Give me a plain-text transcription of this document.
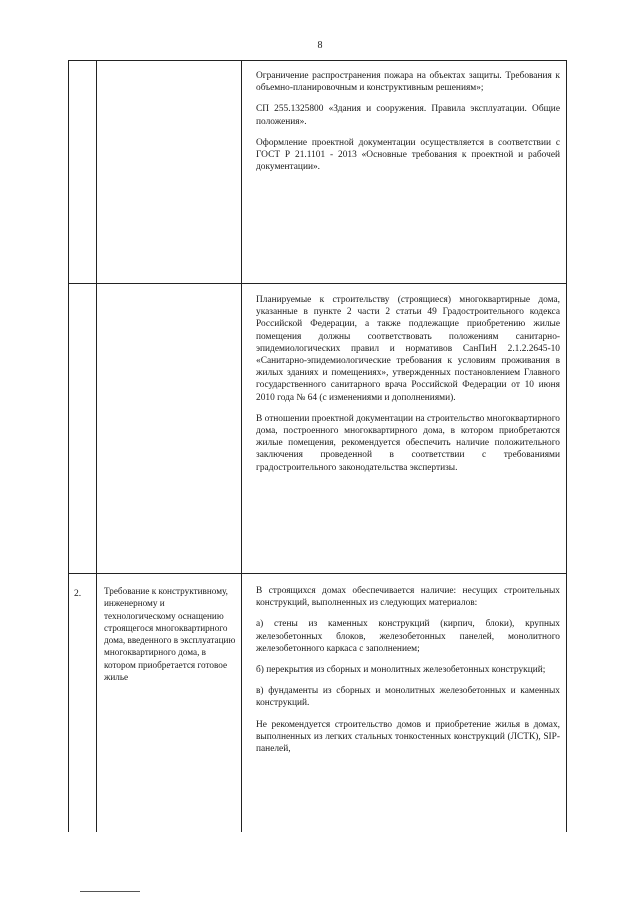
8

Ограничение распространения пожара на объектах защиты. Требования к объемно-планировочным и конструктивным решениям»;

СП 255.1325800 «Здания и сооружения. Правила эксплуатации. Общие положения».

Оформление проектной документации осуществляется в соответствии с ГОСТ Р 21.1101 - 2013 «Основные требования к проектной и рабочей документации».

Планируемые к строительству (строящиеся) многоквартирные дома, указанные в пункте 2 части 2 статьи 49 Градостроительного кодекса Российской Федерации, а также подлежащие приобретению жилые помещения должны соответствовать положениям санитарно-эпидемиологических правил и нормативов СанПиН 2.1.2.2645-10 «Санитарно-эпидемиологические требования к условиям проживания в жилых зданиях и помещениях», утвержденных постановлением Главного государственного санитарного врача Российской Федерации от 10 июня 2010 года № 64 (с изменениями и дополнениями).

В отношении проектной документации на строительство многоквартирного дома, построенного многоквартирного дома, в котором приобретаются жилые помещения, рекомендуется обеспечить наличие положительного заключения проведенной в соответствии с требованиями градостроительного законодательства экспертизы.

2. Требование к конструктивному, инженерному и технологическому оснащению строящегося многоквартирного дома, введенного в эксплуатацию многоквартирного дома, в котором приобретается готовое жилье

В строящихся домах обеспечивается наличие: несущих строительных конструкций, выполненных из следующих материалов:

а) стены из каменных конструкций (кирпич, блоки), крупных железобетонных блоков, железобетонных панелей, монолитного железобетонного каркаса с заполнением;

б) перекрытия из сборных и монолитных железобетонных конструкций;

в) фундаменты из сборных и монолитных железобетонных и каменных конструкций.

Не рекомендуется строительство домов и приобретение жилья в домах, выполненных из легких стальных тонкостенных конструкций (ЛСТК), SIP-панелей,
